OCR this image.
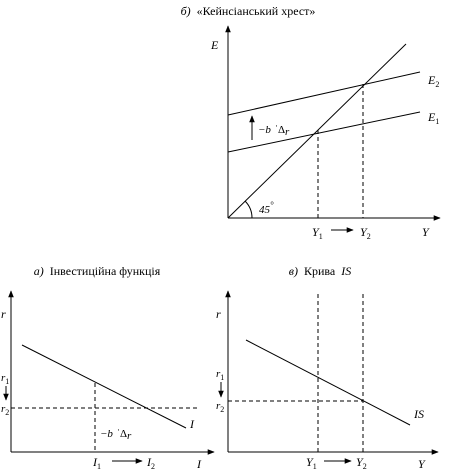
б) «Кейнсіанський хрест»
E
Y
$E_2$
$E_1$
−b ·Δr
45°
$Y_1$	$Y_2$
а) Інвестиційна функція
r
I
I
$r_1$
$r_2$
−b ·Δr
$I_1$	$I_2$
в) Крива IS
r
Y
IS
$r_1$
$r_2$
$Y_1$	$Y_2$
